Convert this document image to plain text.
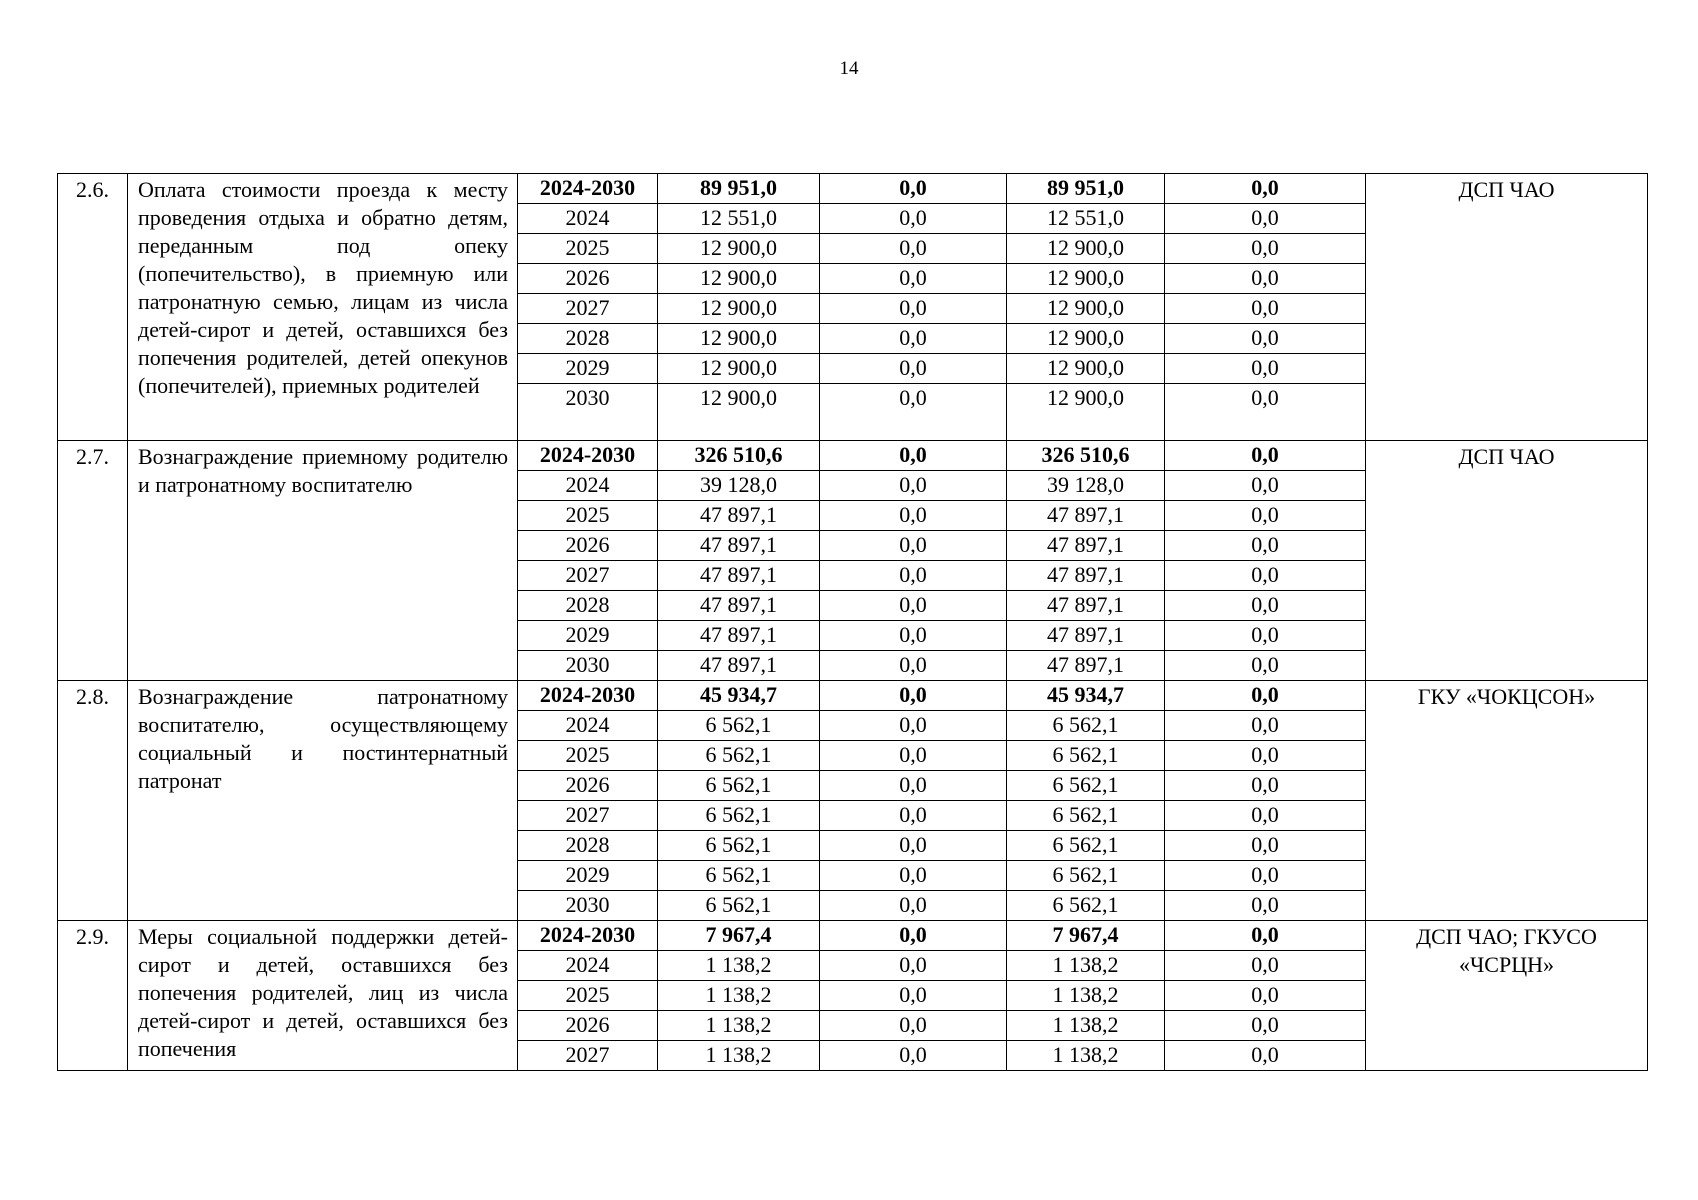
14
2.6.	Оплата стоимости проезда к месту проведения отдыха и обратно детям, переданным под опеку (попечительство), в приемную или патронатную семью, лицам из числа детей-сирот и детей, оставшихся без попечения родителей, детей опекунов (попечителей), приемных родителей	2024-2030	89 951,0	0,0	89 951,0	0,0	ДСП ЧАО
		2024	12 551,0	0,0	12 551,0	0,0	
		2025	12 900,0	0,0	12 900,0	0,0	
		2026	12 900,0	0,0	12 900,0	0,0	
		2027	12 900,0	0,0	12 900,0	0,0	
		2028	12 900,0	0,0	12 900,0	0,0	
		2029	12 900,0	0,0	12 900,0	0,0	
		2030	12 900,0	0,0	12 900,0	0,0	
2.7.	Вознаграждение приемному родителю и патронатному воспитателю	2024-2030	326 510,6	0,0	326 510,6	0,0	ДСП ЧАО
		2024	39 128,0	0,0	39 128,0	0,0	
		2025	47 897,1	0,0	47 897,1	0,0	
		2026	47 897,1	0,0	47 897,1	0,0	
		2027	47 897,1	0,0	47 897,1	0,0	
		2028	47 897,1	0,0	47 897,1	0,0	
		2029	47 897,1	0,0	47 897,1	0,0	
		2030	47 897,1	0,0	47 897,1	0,0	
2.8.	Вознаграждение патронатному воспитателю, осуществляющему социальный и постинтернатный патронат	2024-2030	45 934,7	0,0	45 934,7	0,0	ГКУ «ЧОКЦСОН»
		2024	6 562,1	0,0	6 562,1	0,0	
		2025	6 562,1	0,0	6 562,1	0,0	
		2026	6 562,1	0,0	6 562,1	0,0	
		2027	6 562,1	0,0	6 562,1	0,0	
		2028	6 562,1	0,0	6 562,1	0,0	
		2029	6 562,1	0,0	6 562,1	0,0	
		2030	6 562,1	0,0	6 562,1	0,0	
2.9.	Меры социальной поддержки детей-сирот и детей, оставшихся без попечения родителей, лиц из числа детей-сирот и детей, оставшихся без попечения	2024-2030	7 967,4	0,0	7 967,4	0,0	ДСП ЧАО; ГКУСО «ЧСРЦН»
		2024	1 138,2	0,0	1 138,2	0,0	
		2025	1 138,2	0,0	1 138,2	0,0	
		2026	1 138,2	0,0	1 138,2	0,0	
		2027	1 138,2	0,0	1 138,2	0,0	
